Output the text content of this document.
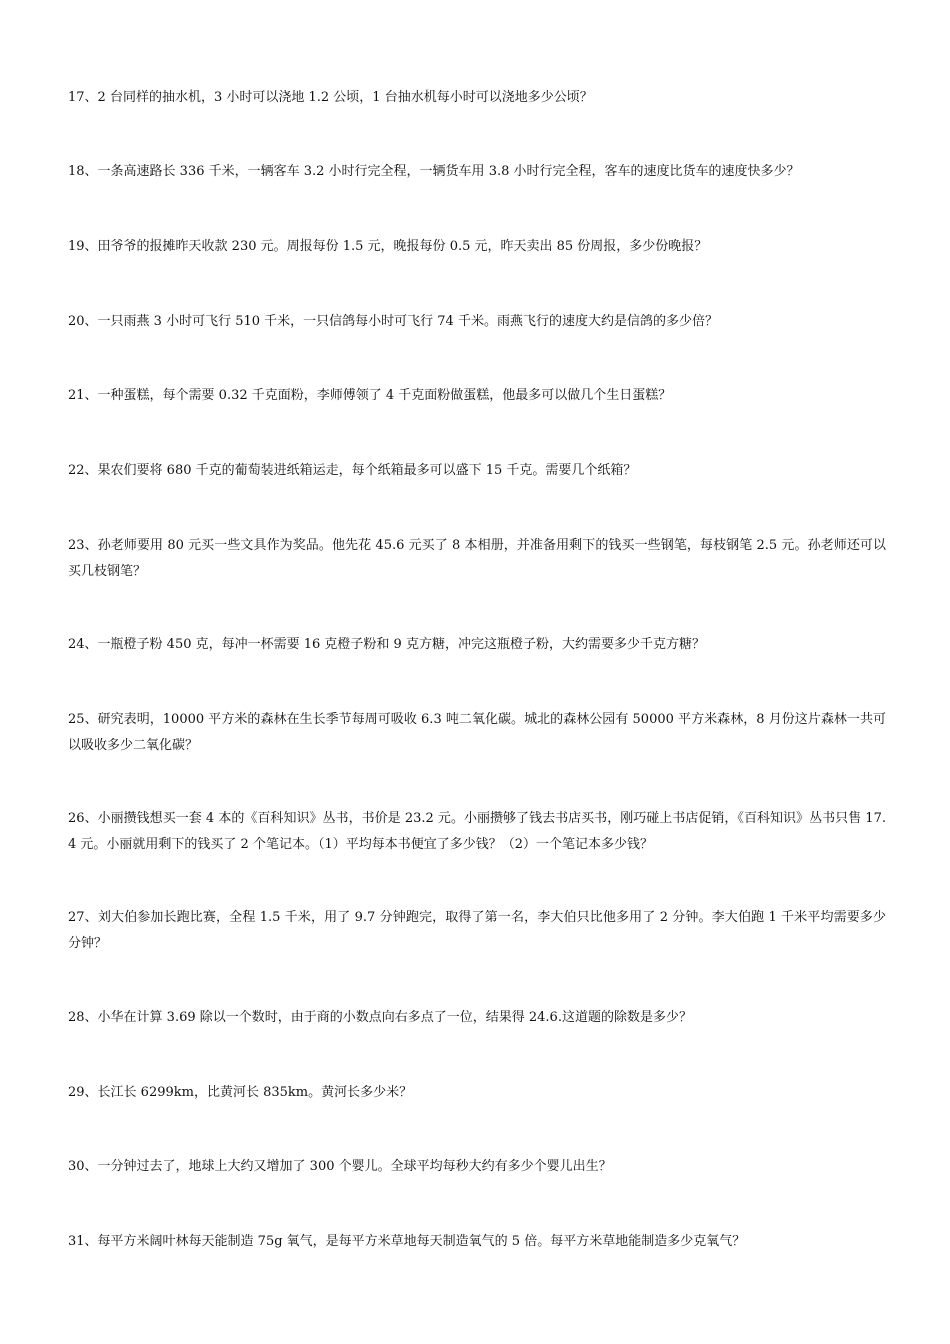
17、2 台同样的抽水机，3 小时可以浇地 1.2 公顷，1 台抽水机每小时可以浇地多少公顷？

18、一条高速路长 336 千米，一辆客车 3.2 小时行完全程，一辆货车用 3.8 小时行完全程，客车的速度比货车的速度快多少？

19、田爷爷的报摊昨天收款 230 元。周报每份 1.5 元，晚报每份 0.5 元，昨天卖出 85 份周报，多少份晚报？

20、一只雨燕 3 小时可飞行 510 千米，一只信鸽每小时可飞行 74 千米。雨燕飞行的速度大约是信鸽的多少倍？

21、一种蛋糕，每个需要 0.32 千克面粉，李师傅领了 4 千克面粉做蛋糕，他最多可以做几个生日蛋糕？

22、果农们要将 680 千克的葡萄装进纸箱运走，每个纸箱最多可以盛下 15 千克。需要几个纸箱？

23、孙老师要用 80 元买一些文具作为奖品。他先花 45.6 元买了 8 本相册，并准备用剩下的钱买一些钢笔，每枝钢笔 2.5 元。孙老师还可以买几枝钢笔？

24、一瓶橙子粉 450 克，每冲一杯需要 16 克橙子粉和 9 克方糖，冲完这瓶橙子粉，大约需要多少千克方糖？

25、研究表明，10000 平方米的森林在生长季节每周可吸收 6.3 吨二氧化碳。城北的森林公园有 50000 平方米森林，8 月份这片森林一共可以吸收多少二氧化碳？

26、小丽攒钱想买一套 4 本的《百科知识》丛书，书价是 23.2 元。小丽攒够了钱去书店买书，刚巧碰上书店促销，《百科知识》丛书只售 17.4 元。小丽就用剩下的钱买了 2 个笔记本。（1）平均每本书便宜了多少钱？（2）一个笔记本多少钱？

27、刘大伯参加长跑比赛，全程 1.5 千米，用了 9.7 分钟跑完，取得了第一名，李大伯只比他多用了 2 分钟。李大伯跑 1 千米平均需要多少分钟？

28、小华在计算 3.69 除以一个数时，由于商的小数点向右多点了一位，结果得 24.6.这道题的除数是多少？

29、长江长 6299km，比黄河长 835km。黄河长多少米？

30、一分钟过去了，地球上大约又增加了 300 个婴儿。全球平均每秒大约有多少个婴儿出生？

31、每平方米阔叶林每天能制造 75g 氧气，是每平方米草地每天制造氧气的 5 倍。每平方米草地能制造多少克氧气？
